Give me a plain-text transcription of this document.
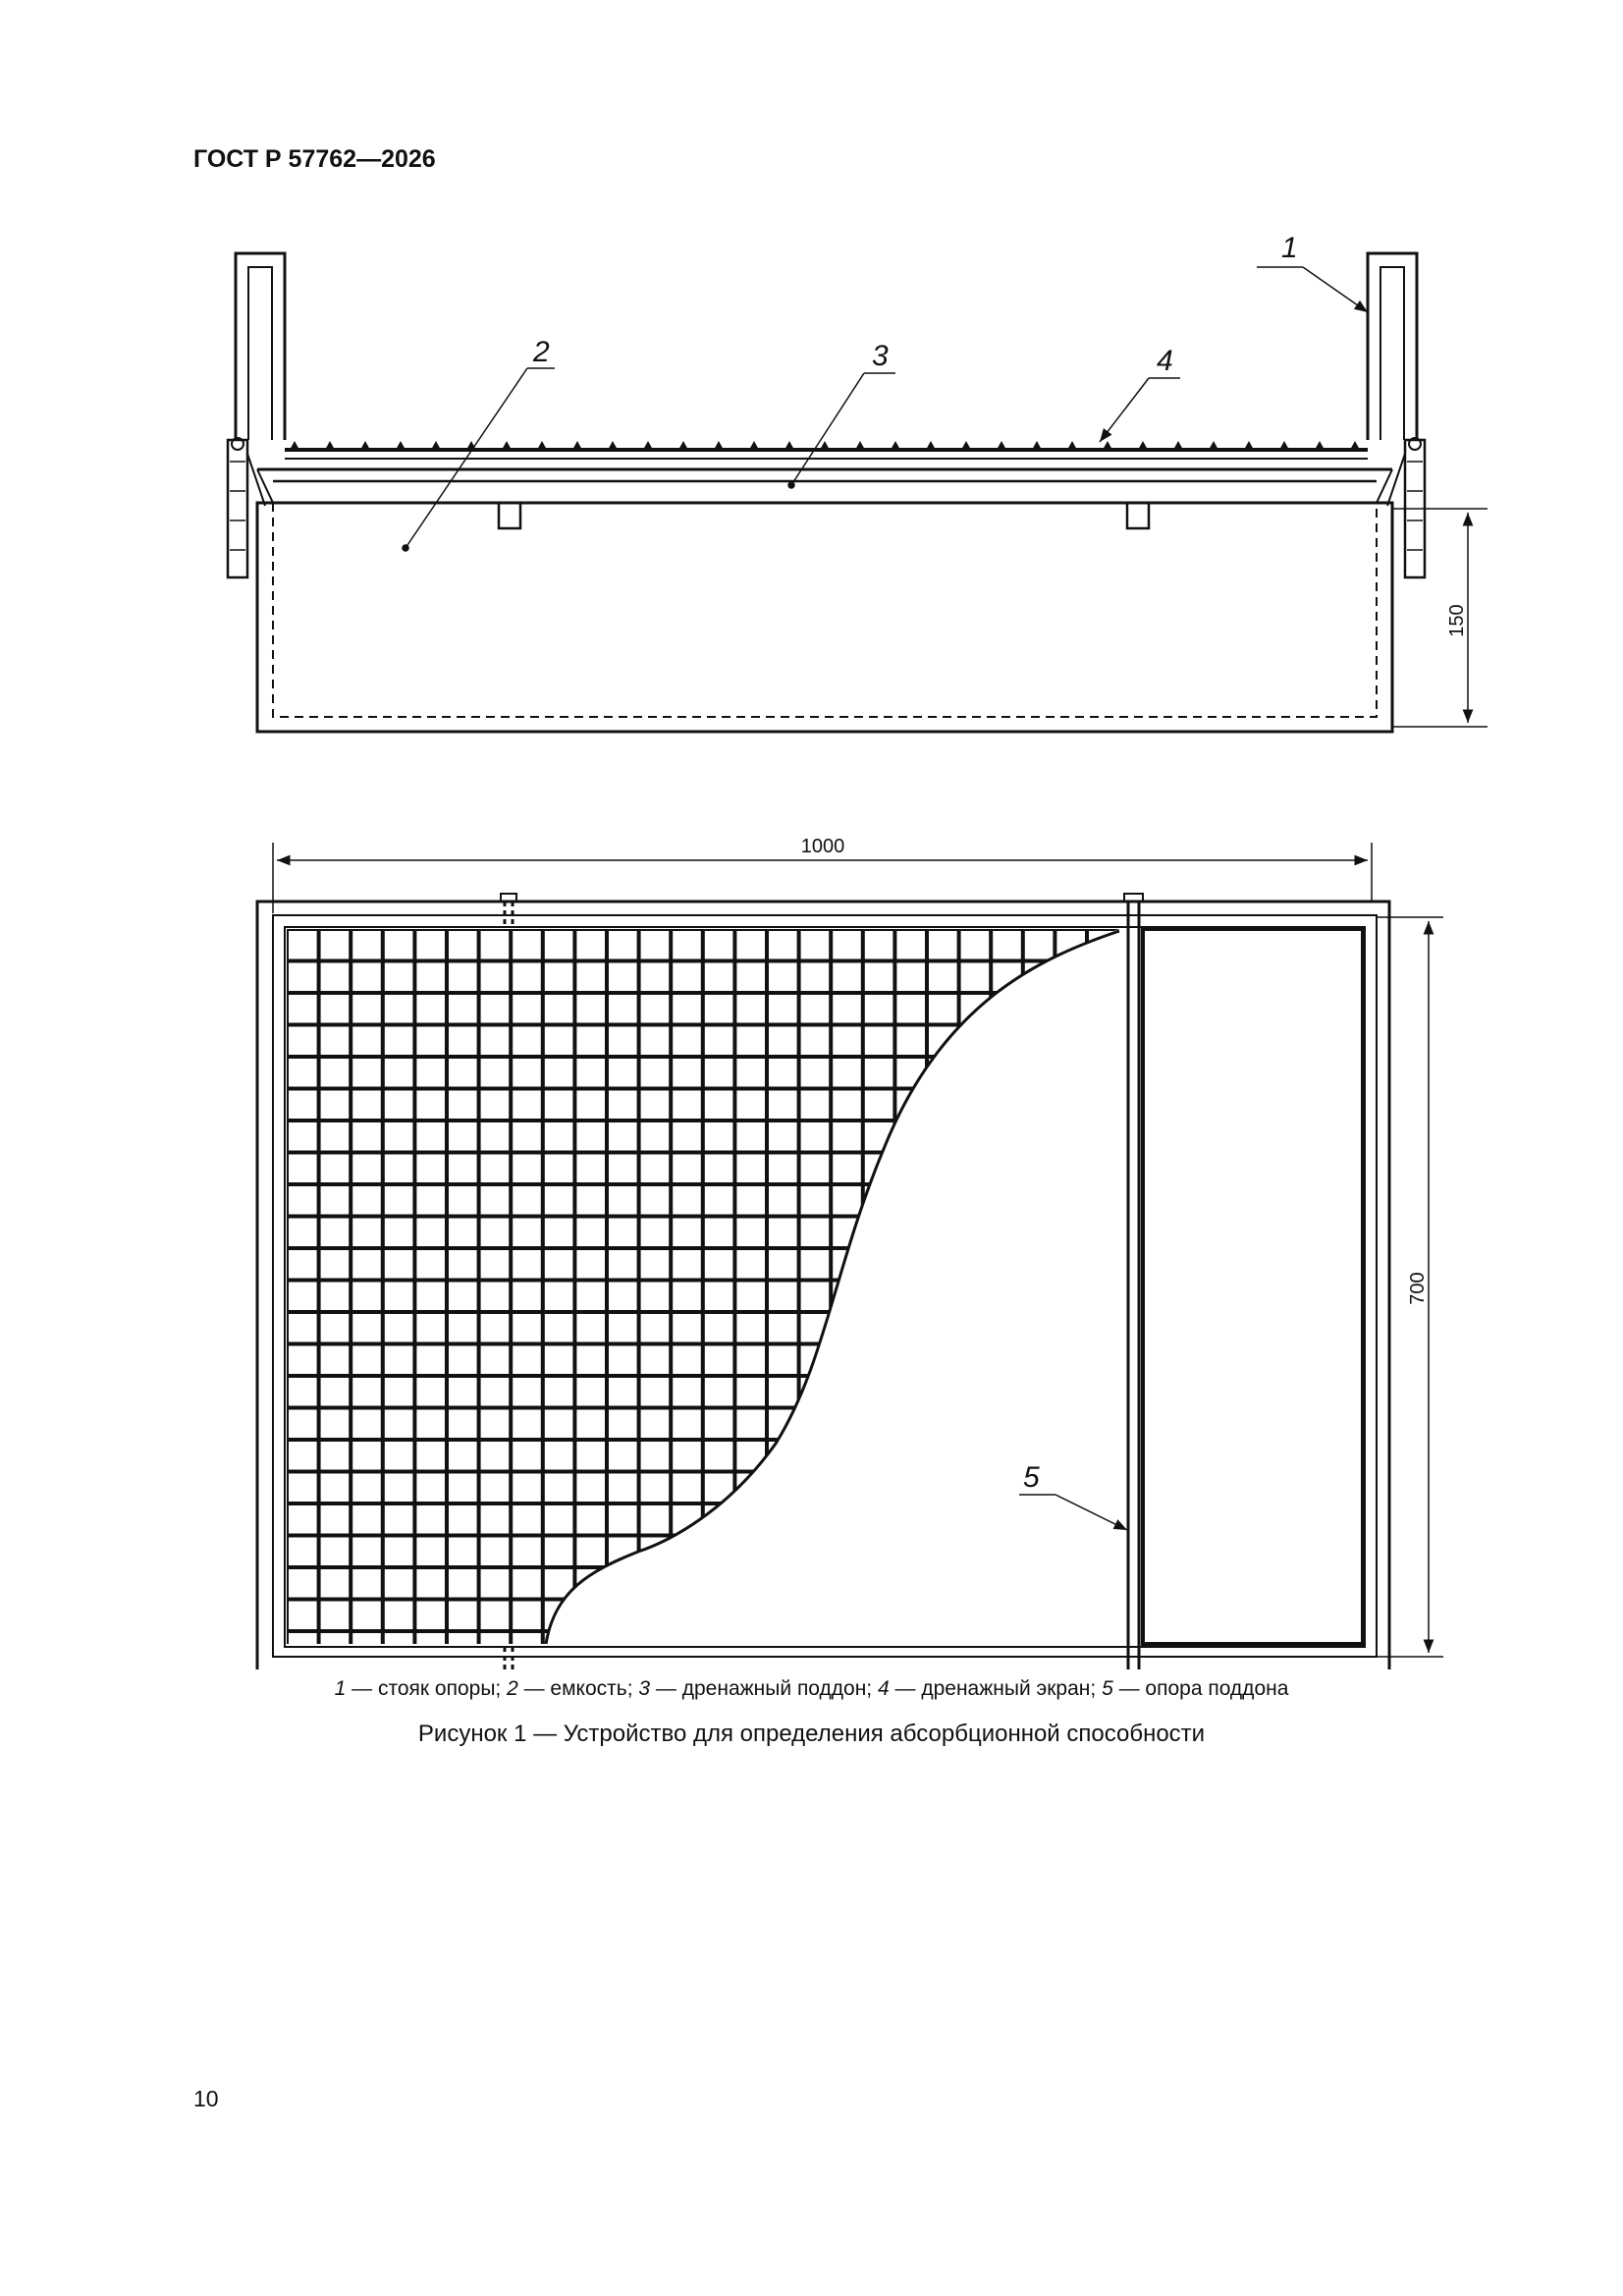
ГОСТ Р 57762—2026
150
1
2	3	4
1000
700
5
1 — стояк опоры; 2 — емкость; 3 — дренажный поддон; 4 — дренажный экран; 5 — опора поддона
Рисунок 1 — Устройство для определения абсорбционной способности
10
